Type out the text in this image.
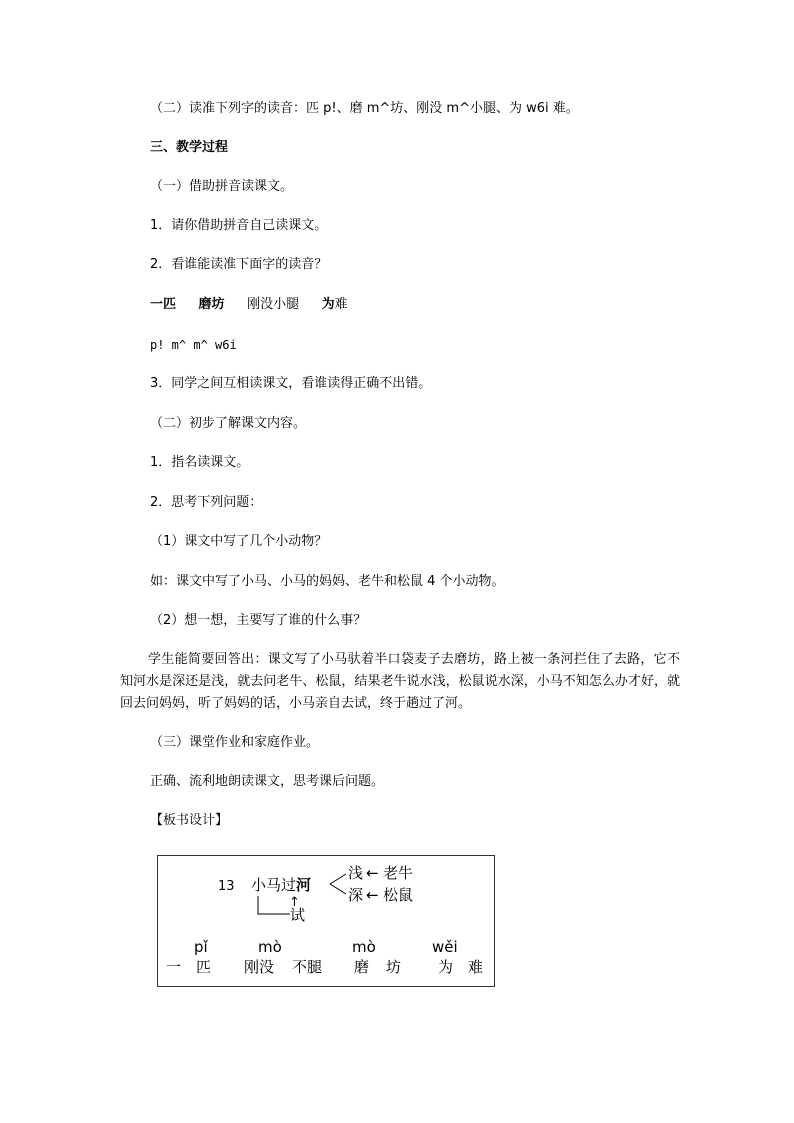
（二）读准下列字的读音：匹 p!、磨 m^坊、刚没 m^小腿、为 w6i 难。
三、教学过程
（一）借助拼音读课文。
1．请你借助拼音自己读课文。
2．看谁能读准下面字的读音？
一匹 磨坊 刚没小腿 为难
p! m^ m^ w6i
3．同学之间互相读课文，看谁读得正确不出错。
（二）初步了解课文内容。
1．指名读课文。
2．思考下列问题：
（1）课文中写了几个小动物？
如：课文中写了小马、小马的妈妈、老牛和松鼠 4 个小动物。
（2）想一想，主要写了谁的什么事？
学生能简要回答出：课文写了小马驮着半口袋麦子去磨坊，路上被一条河拦住了去路，它不知河水是深还是浅，就去问老牛、松鼠，结果老牛说水浅，松鼠说水深，小马不知怎么办才好，就回去问妈妈，听了妈妈的话，小马亲自去试，终于趟过了河。
（三）课堂作业和家庭作业。
正确、流利地朗读课文，思考课后问题。
【板书设计】
13 小马过河
浅 ← 老牛
深 ← 松鼠
↑
试
pǐ	mò	mò	wěi
一 匹 刚没 不腿 磨 坊 为 难
